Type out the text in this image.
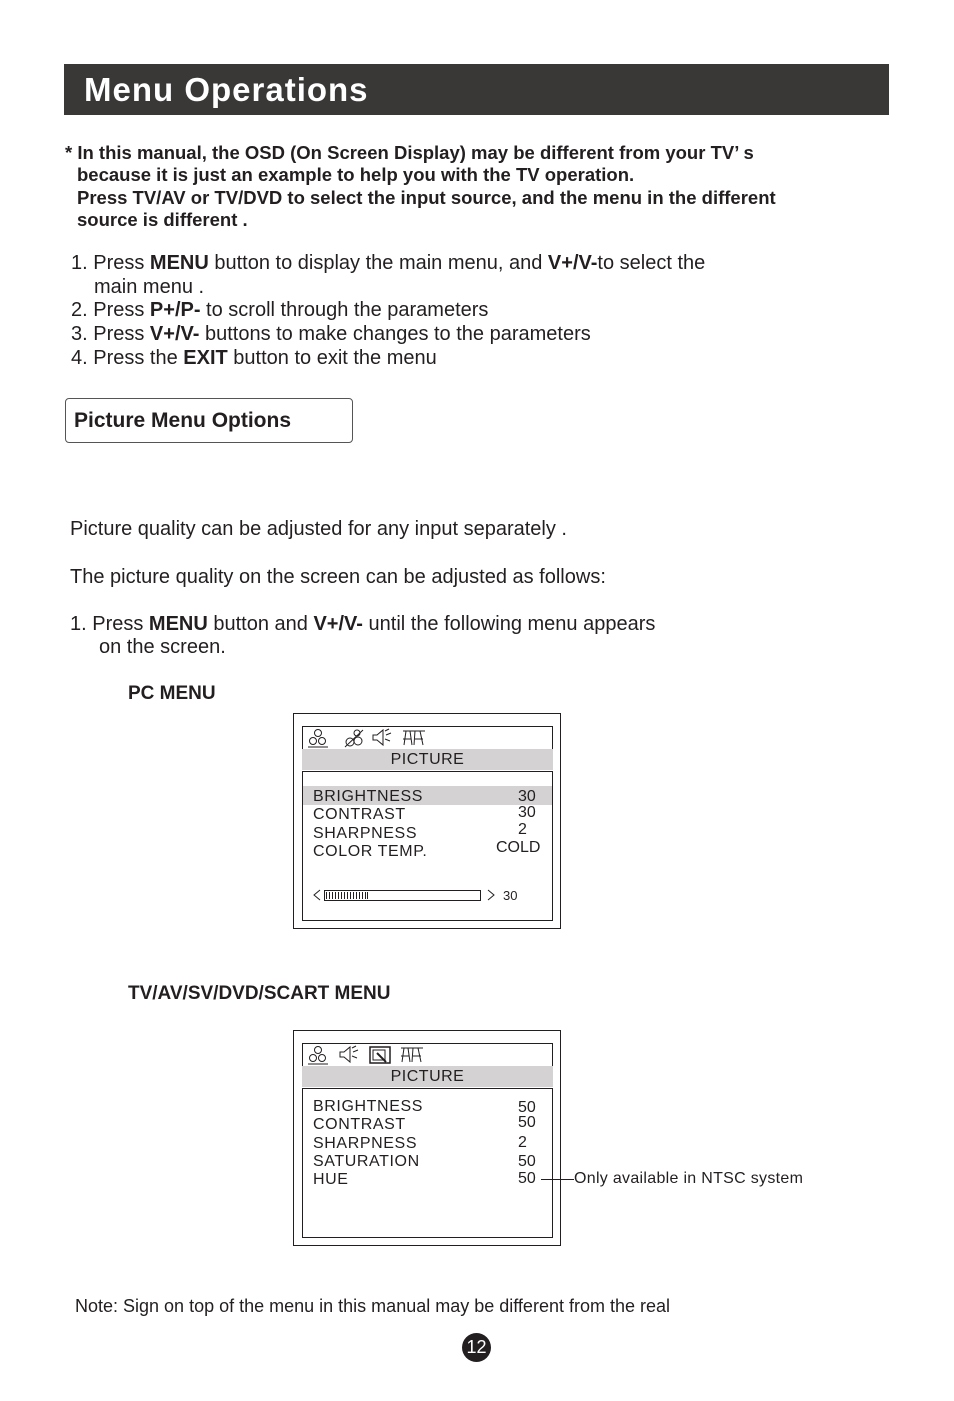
Menu Operations
* In this manual, the OSD (On Screen Display) may be different from your TV’ s
because it is just an example to help you with the TV operation.
Press TV/AV or TV/DVD to select the input source, and the menu in the different
source is different .
1. Press MENU button to display the main menu, and V+/V-to select the
main menu .
2. Press P+/P- to scroll through the parameters
3. Press V+/V- buttons to make changes to the parameters
4. Press the EXIT button to exit the menu
Picture Menu Options
Picture quality can be adjusted for any input separately .
The picture quality on the screen can be adjusted as follows:
1. Press MENU button and V+/V- until the following menu appears
on the screen.
PC MENU
PICTURE
BRIGHTNESS
CONTRAST
SHARPNESS
COLOR TEMP.
30
30
2
COLD
30
TV/AV/SV/DVD/SCART MENU
PICTURE
BRIGHTNESS
CONTRAST
SHARPNESS
SATURATION
HUE
50
50
2
50
50 Only available in NTSC system
Note: Sign on top of the menu in this manual may be different from the real
12
